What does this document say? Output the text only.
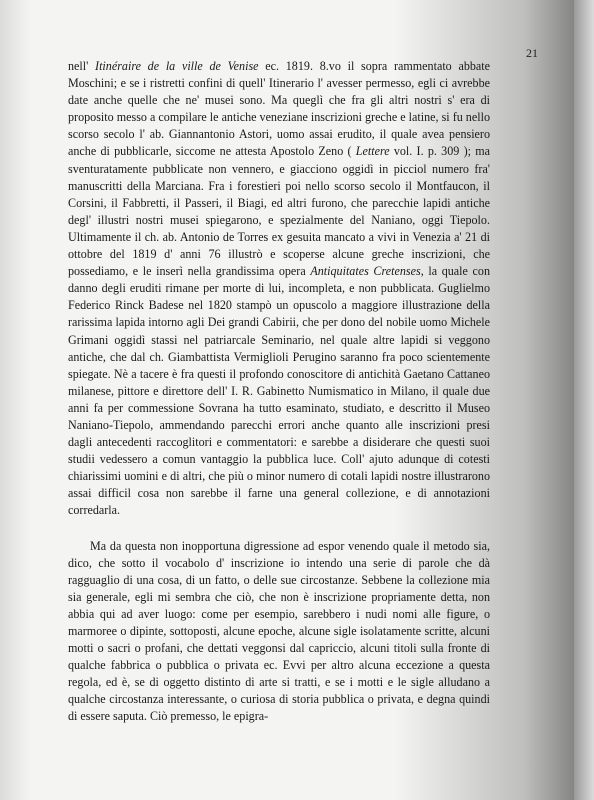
21

nell' Itinéraire de la ville de Venise ec. 1819. 8.vo il sopra rammentato abbate Moschini; e se i ristretti confini di quell' Itinerario l' avesser permesso, egli ci avrebbe date anche quelle che ne' musei sono. Ma queglì che fra gli altri nostri s' era di proposito messo a compilare le antiche veneziane inscrizioni greche e latine, si fu nello scorso secolo l' ab. Giannantonio Astori, uomo assai erudito, il quale avea pensiero anche di pubblicarle, siccome ne attesta Apostolo Zeno ( Lettere vol. I. p. 309 ); ma sventuratamente pubblicate non vennero, e giacciono oggidì in picciol numero fra' manuscritti della Marciana. Fra i forestieri poi nello scorso secolo il Montfaucon, il Corsini, il Fabbretti, il Passeri, il Biagi, ed altri furono, che parecchie lapidi antiche degl' illustri nostri musei spiegarono, e spezialmente del Naniano, oggi Tiepolo. Ultimamente il ch. ab. Antonio de Torres ex gesuita mancato a vivi in Venezia a' 21 di ottobre del 1819 d' anni 76 illustrò e scoperse alcune greche inscrizioni, che possediamo, e le inserì nella grandissima opera Antiquitates Cretenses, la quale con danno degli eruditi rimane per morte di lui, incompleta, e non pubblicata. Guglielmo Federico Rinck Badese nel 1820 stampò un opuscolo a maggiore illustrazione della rarissima lapida intorno agli Dei grandi Cabirii, che per dono del nobile uomo Michele Grimani oggidì stassi nel patriarcale Seminario, nel quale altre lapidi si veggono antiche, che dal ch. Giambattista Vermiglioli Perugino saranno fra poco scientemente spiegate. Nè a tacere è fra questi il profondo conoscitore di antichità Gaetano Cattaneo milanese, pittore e direttore dell' I. R. Gabinetto Numismatico in Milano, il quale due anni fa per commessione Sovrana ha tutto esaminato, studiato, e descritto il Museo Naniano-Tiepolo, ammendando parecchi errori anche quanto alle inscrizioni presi dagli antecedenti raccoglitori e commentatori: e sarebbe a disiderare che questi suoi studii vedessero a comun vantaggio la pubblica luce. Coll' ajuto adunque di cotesti chiarissimi uomini e di altri, che più o minor numero di cotali lapidi nostre illustrarono assai difficil cosa non sarebbe il farne una general collezione, e di annotazioni corredarla.

Ma da questa non inopportuna digressione ad espor venendo quale il metodo sia, dico, che sotto il vocabolo d' inscrizione io intendo una serie di parole che dà ragguaglio di una cosa, di un fatto, o delle sue circostanze. Sebbene la collezione mia sia generale, egli mi sembra che ciò, che non è inscrizione propriamente detta, non abbia qui ad aver luogo: come per esempio, sarebbero i nudi nomi alle figure, o marmoree o dipinte, sottoposti, alcune epoche, alcune sigle isolatamente scritte, alcuni motti o sacri o profani, che dettati veggonsi dal capriccio, alcuni titoli sulla fronte di qualche fabbrica o pubblica o privata ec. Evvi per altro alcuna eccezione a questa regola, ed è, se di oggetto distinto di arte si tratti, e se i motti e le sigle alludano a qualche circostanza interessante, o curiosa di storia pubblica o privata, e degna quindi di essere saputa. Ciò premesso, le epigra-
